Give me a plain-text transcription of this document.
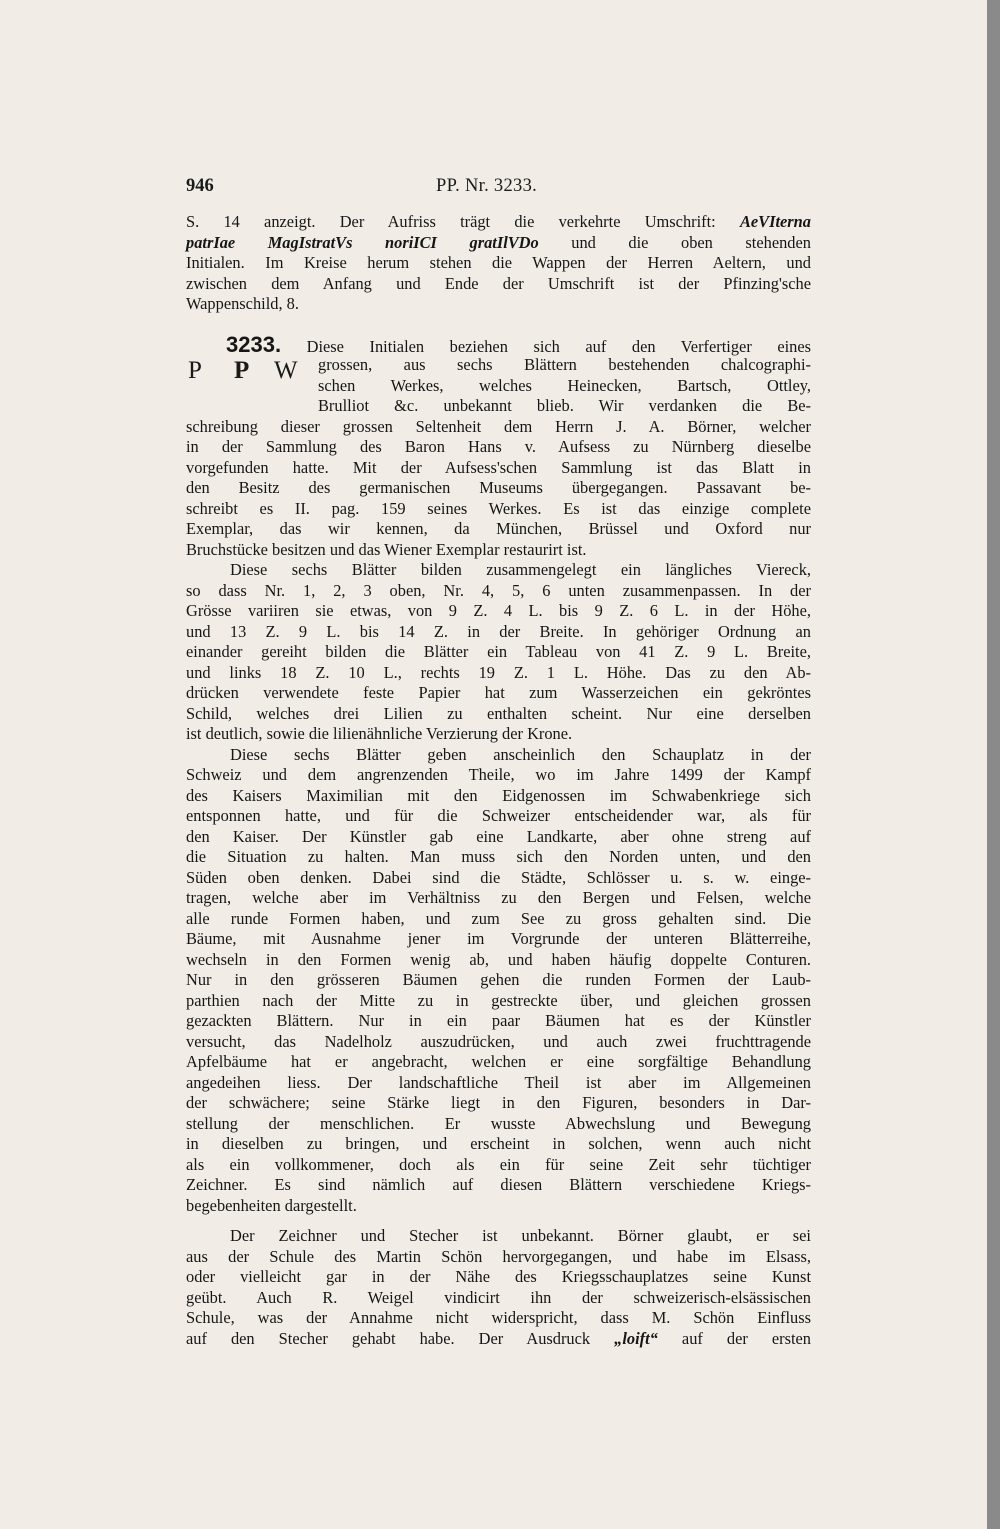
946	PP. Nr. 3233.
S. 14 anzeigt. Der Aufriss trägt die verkehrte Umschrift: AeVIterna
patrIae MagIstratVs noriICI gratIlVDo und die oben stehenden
Initialen. Im Kreise herum stehen die Wappen der Herren Aeltern, und
zwischen dem Anfang und Ende der Umschrift ist der Pfinzing'sche
Wappenschild, 8.
P P W
3233. Diese Initialen beziehen sich auf den Verfertiger eines
grossen, aus sechs Blättern bestehenden chalcographi-
schen Werkes, welches Heinecken, Bartsch, Ottley,
Brulliot &c. unbekannt blieb. Wir verdanken die Be-
schreibung dieser grossen Seltenheit dem Herrn J. A. Börner, welcher
in der Sammlung des Baron Hans v. Aufsess zu Nürnberg dieselbe
vorgefunden hatte. Mit der Aufsess'schen Sammlung ist das Blatt in
den Besitz des germanischen Museums übergegangen. Passavant be-
schreibt es II. pag. 159 seines Werkes. Es ist das einzige complete
Exemplar, das wir kennen, da München, Brüssel und Oxford nur
Bruchstücke besitzen und das Wiener Exemplar restaurirt ist.
Diese sechs Blätter bilden zusammengelegt ein längliches Viereck,
so dass Nr. 1, 2, 3 oben, Nr. 4, 5, 6 unten zusammenpassen. In der
Grösse variiren sie etwas, von 9 Z. 4 L. bis 9 Z. 6 L. in der Höhe,
und 13 Z. 9 L. bis 14 Z. in der Breite. In gehöriger Ordnung an
einander gereiht bilden die Blätter ein Tableau von 41 Z. 9 L. Breite,
und links 18 Z. 10 L., rechts 19 Z. 1 L. Höhe. Das zu den Ab-
drücken verwendete feste Papier hat zum Wasserzeichen ein gekröntes
Schild, welches drei Lilien zu enthalten scheint. Nur eine derselben
ist deutlich, sowie die lilienähnliche Verzierung der Krone.
Diese sechs Blätter geben anscheinlich den Schauplatz in der
Schweiz und dem angrenzenden Theile, wo im Jahre 1499 der Kampf
des Kaisers Maximilian mit den Eidgenossen im Schwabenkriege sich
entsponnen hatte, und für die Schweizer entscheidender war, als für
den Kaiser. Der Künstler gab eine Landkarte, aber ohne streng auf
die Situation zu halten. Man muss sich den Norden unten, und den
Süden oben denken. Dabei sind die Städte, Schlösser u. s. w. einge-
tragen, welche aber im Verhältniss zu den Bergen und Felsen, welche
alle runde Formen haben, und zum See zu gross gehalten sind. Die
Bäume, mit Ausnahme jener im Vorgrunde der unteren Blätterreihe,
wechseln in den Formen wenig ab, und haben häufig doppelte Conturen.
Nur in den grösseren Bäumen gehen die runden Formen der Laub-
parthien nach der Mitte zu in gestreckte über, und gleichen grossen
gezackten Blättern. Nur in ein paar Bäumen hat es der Künstler
versucht, das Nadelholz auszudrücken, und auch zwei fruchttragende
Apfelbäume hat er angebracht, welchen er eine sorgfältige Behandlung
angedeihen liess. Der landschaftliche Theil ist aber im Allgemeinen
der schwächere; seine Stärke liegt in den Figuren, besonders in Dar-
stellung der menschlichen. Er wusste Abwechslung und Bewegung
in dieselben zu bringen, und erscheint in solchen, wenn auch nicht
als ein vollkommener, doch als ein für seine Zeit sehr tüchtiger
Zeichner. Es sind nämlich auf diesen Blättern verschiedene Kriegs-
begebenheiten dargestellt.
Der Zeichner und Stecher ist unbekannt. Börner glaubt, er sei
aus der Schule des Martin Schön hervorgegangen, und habe im Elsass,
oder vielleicht gar in der Nähe des Kriegsschauplatzes seine Kunst
geübt. Auch R. Weigel vindicirt ihn der schweizerisch-elsässischen
Schule, was der Annahme nicht widerspricht, dass M. Schön Einfluss
auf den Stecher gehabt habe. Der Ausdruck „loift“ auf der ersten
